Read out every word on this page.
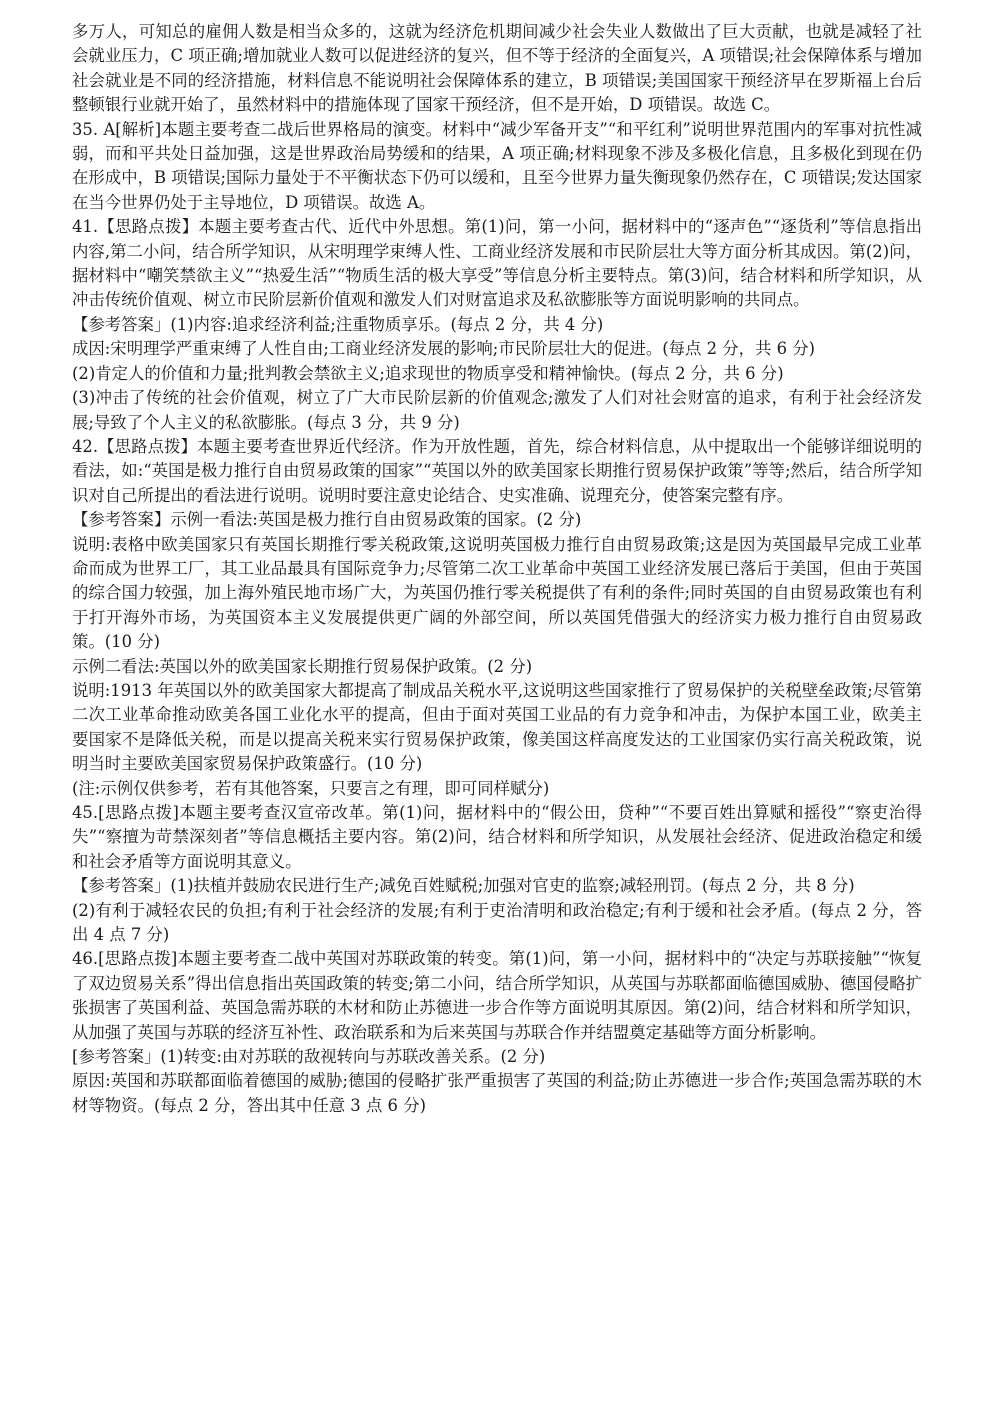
多万人，可知总的雇佣人数是相当众多的，这就为经济危机期间减少社会失业人数做出了巨大贡献，也就是减轻了社会就业压力，C 项正确;增加就业人数可以促进经济的复兴，但不等于经济的全面复兴，A 项错误;社会保障体系与增加社会就业是不同的经济措施，材料信息不能说明社会保障体系的建立，B 项错误;美国国家干预经济早在罗斯福上台后整顿银行业就开始了，虽然材料中的措施体现了国家干预经济，但不是开始，D 项错误。故选 C。

35. A[解析]本题主要考查二战后世界格局的演变。材料中“减少军备开支”“和平红利”说明世界范围内的军事对抗性减弱，而和平共处日益加强，这是世界政治局势缓和的结果，A 项正确;材料现象不涉及多极化信息，且多极化到现在仍在形成中，B 项错误;国际力量处于不平衡状态下仍可以缓和，且至今世界力量失衡现象仍然存在，C 项错误;发达国家在当今世界仍处于主导地位，D 项错误。故选 A。

41.【思路点拨】本题主要考查古代、近代中外思想。第(1)问，第一小问，据材料中的“逐声色”“逐货利”等信息指出内容,第二小问，结合所学知识，从宋明理学束缚人性、工商业经济发展和市民阶层壮大等方面分析其成因。第(2)问，据材料中“嘲笑禁欲主义”“热爱生活”“物质生活的极大享受”等信息分析主要特点。第(3)问，结合材料和所学知识，从冲击传统价值观、树立市民阶层新价值观和激发人们对财富追求及私欲膨胀等方面说明影响的共同点。

【参考答案」(1)内容:追求经济利益;注重物质享乐。(每点 2 分，共 4 分)

成因:宋明理学严重束缚了人性自由;工商业经济发展的影响;市民阶层壮大的促进。(每点 2 分，共 6 分)

(2)肯定人的价值和力量;批判教会禁欲主义;追求现世的物质享受和精神愉快。(每点 2 分，共 6 分)

(3)冲击了传统的社会价值观，树立了广大市民阶层新的价值观念;激发了人们对社会财富的追求，有利于社会经济发展;导致了个人主义的私欲膨胀。(每点 3 分，共 9 分)

42.【思路点拨】本题主要考查世界近代经济。作为开放性题，首先，综合材料信息，从中提取出一个能够详细说明的看法，如:“英国是极力推行自由贸易政策的国家”“英国以外的欧美国家长期推行贸易保护政策”等等;然后，结合所学知识对自己所提出的看法进行说明。说明时要注意史论结合、史实准确、说理充分，使答案完整有序。

【参考答案】示例一看法:英国是极力推行自由贸易政策的国家。(2 分)

说明:表格中欧美国家只有英国长期推行零关税政策,这说明英国极力推行自由贸易政策;这是因为英国最早完成工业革命而成为世界工厂，其工业品最具有国际竞争力;尽管第二次工业革命中英国工业经济发展已落后于美国，但由于英国的综合国力较强，加上海外殖民地市场广大，为英国仍推行零关税提供了有利的条件;同时英国的自由贸易政策也有利于打开海外市场，为英国资本主义发展提供更广阔的外部空间，所以英国凭借强大的经济实力极力推行自由贸易政策。(10 分)

示例二看法:英国以外的欧美国家长期推行贸易保护政策。(2 分)

说明:1913 年英国以外的欧美国家大都提高了制成品关税水平,这说明这些国家推行了贸易保护的关税壁垒政策;尽管第二次工业革命推动欧美各国工业化水平的提高，但由于面对英国工业品的有力竞争和冲击，为保护本国工业，欧美主要国家不是降低关税，而是以提高关税来实行贸易保护政策，像美国这样高度发达的工业国家仍实行高关税政策，说明当时主要欧美国家贸易保护政策盛行。(10 分)

(注:示例仅供参考，若有其他答案，只要言之有理，即可同样赋分)

45.[思路点拨]本题主要考查汉宣帝改革。第(1)问，据材料中的“假公田，贷种”“不要百姓出算赋和摇役”“察吏治得失”“察擅为苛禁深刻者”等信息概括主要内容。第(2)问，结合材料和所学知识，从发展社会经济、促进政治稳定和缓和社会矛盾等方面说明其意义。

【参考答案」(1)扶植并鼓励农民进行生产;减免百姓赋税;加强对官吏的监察;减轻刑罚。(每点 2 分，共 8 分)

(2)有利于减轻农民的负担;有利于社会经济的发展;有利于吏治清明和政治稳定;有利于缓和社会矛盾。(每点 2 分，答出 4 点 7 分)

46.[思路点拨]本题主要考查二战中英国对苏联政策的转变。第(1)问，第一小问，据材料中的“决定与苏联接触”“恢复了双边贸易关系”得出信息指出英国政策的转变;第二小问，结合所学知识，从英国与苏联都面临德国威胁、德国侵略扩张损害了英国利益、英国急需苏联的木材和防止苏德进一步合作等方面说明其原因。第(2)问，结合材料和所学知识，从加强了英国与苏联的经济互补性、政治联系和为后来英国与苏联合作并结盟奠定基础等方面分析影响。

[参考答案」(1)转变:由对苏联的敌视转向与苏联改善关系。(2 分)

原因:英国和苏联都面临着德国的威胁;德国的侵略扩张严重损害了英国的利益;防止苏德进一步合作;英国急需苏联的木材等物资。(每点 2 分，答出其中任意 3 点 6 分)
